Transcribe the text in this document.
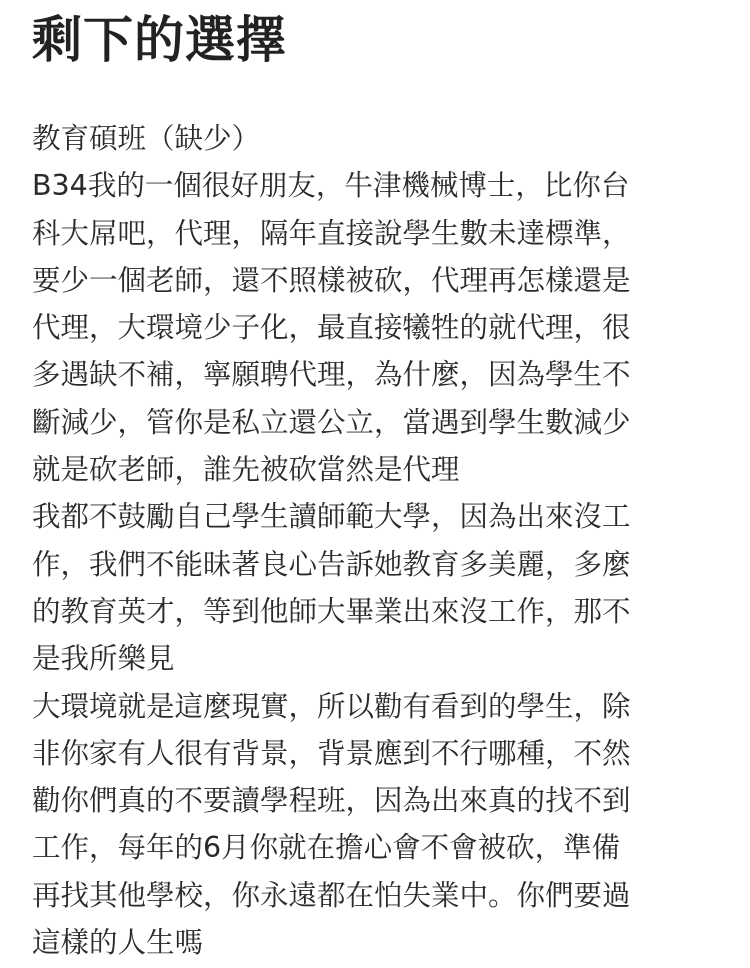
剩下的選擇
教育碩班（缺少）
B34我的一個很好朋友，牛津機械博士，比你台
科大屌吧，代理，隔年直接說學生數未達標準，
要少一個老師，還不照樣被砍，代理再怎樣還是
代理，大環境少子化，最直接犧牲的就代理，很
多遇缺不補，寧願聘代理，為什麼，因為學生不
斷減少，管你是私立還公立，當遇到學生數減少
就是砍老師，誰先被砍當然是代理
我都不鼓勵自己學生讀師範大學，因為出來沒工
作，我們不能昧著良心告訴她教育多美麗，多麼
的教育英才，等到他師大畢業出來沒工作，那不
是我所樂見
大環境就是這麼現實，所以勸有看到的學生，除
非你家有人很有背景，背景應到不行哪種，不然
勸你們真的不要讀學程班，因為出來真的找不到
工作，每年的6月你就在擔心會不會被砍，準備
再找其他學校，你永遠都在怕失業中。你們要過
這樣的人生嗎
